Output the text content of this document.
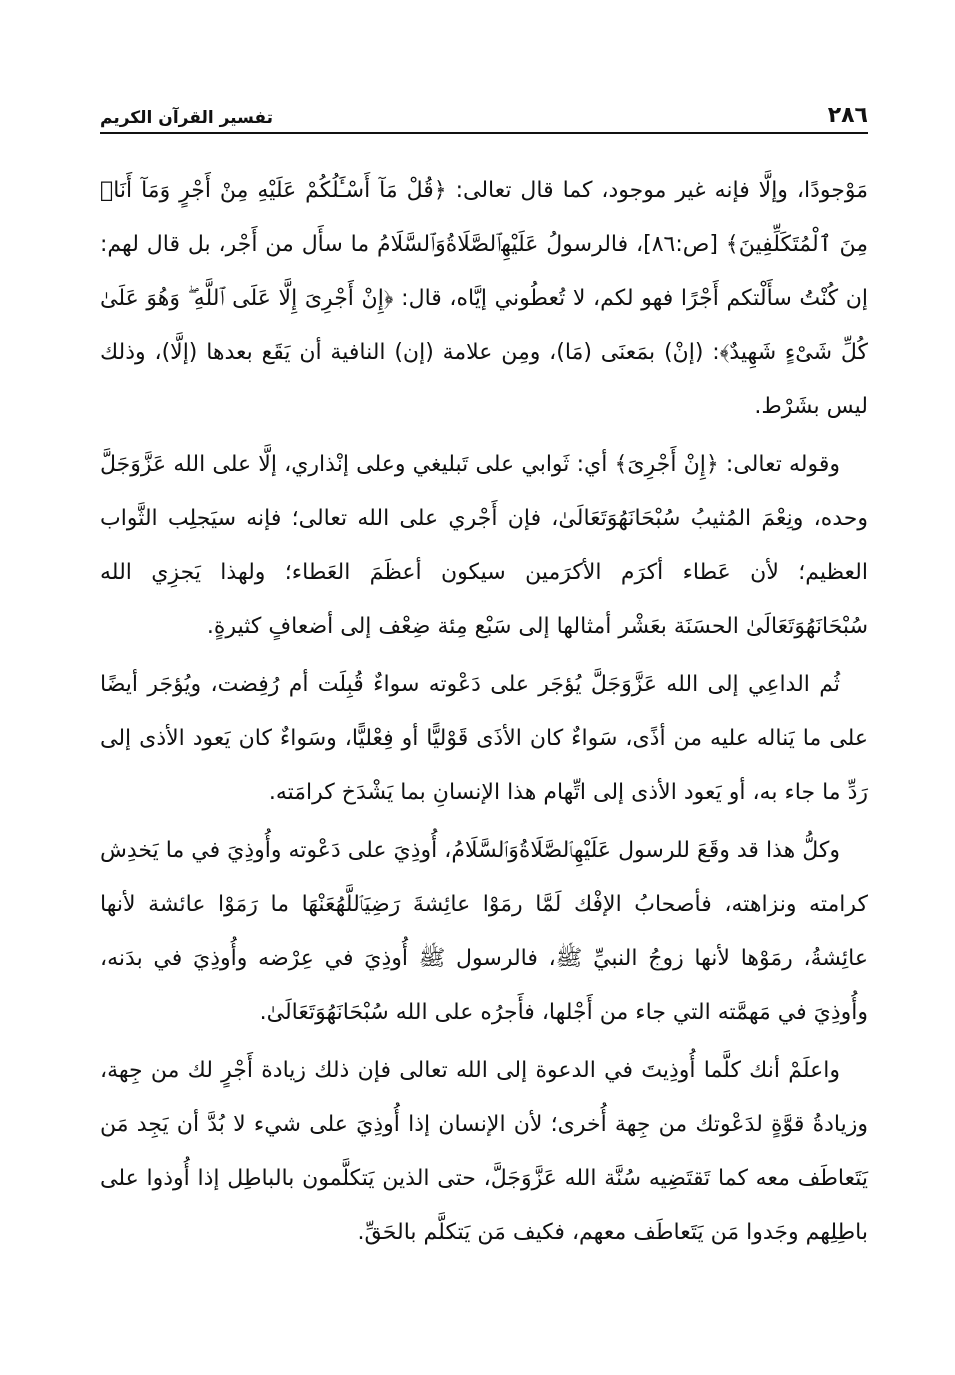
٢٨٦
تفسير القرآن الكريم

مَوْجودًا، وإلَّا فإنه غير موجود، كما قال تعالى: ﴿قُلْ مَآ أَسْـَٔلُكُمْ عَلَيْهِ مِنْ أَجْرٍ وَمَآ أَنَا۠ مِنَ ٱلْمُتَكَلِّفِينَ﴾ [ص:٨٦]، فالرسولُ عَلَيْهِٱلصَّلَاةُوَٱلسَّلَامُ ما سأَل من أَجْر، بل قال لهم: إن كُنْتُ سأَلْتكم أَجْرًا فهو لكم، لا تُعطُوني إيَّاه، قال: ﴿إِنْ أَجْرِىَ إِلَّا عَلَى ٱللَّهِ ۖ وَهُوَ عَلَىٰ كُلِّ شَىْءٍ شَهِيدٌ﴾: (إنْ) بمَعنَى (مَا)، ومِن علامة (إن) النافية أن يَقَع بعدها (إلَّا)، وذلك ليس بشَرْط.

وقوله تعالى: ﴿إِنْ أَجْرِىَ﴾ أي: ثَوابي على تَبليغي وعلى إنْذاري، إلَّا على الله عَزَّوَجَلَّ وحده، ونِعْمَ المُثيبُ سُبْحَانَهُوَتَعَالَىٰ، فإن أَجْري على الله تعالى؛ فإنه سيَجلِب الثَّواب العظيم؛ لأن عَطاء أكرَم الأكرَمين سيكون أعظَمَ العَطاء؛ ولهذا يَجزِي الله سُبْحَانَهُوَتَعَالَىٰ الحسَنَة بعَشْر أمثالها إلى سَبْع مِئة ضِعْف إلى أضعافٍ كثيرةٍ.

ثُم الداعِي إلى الله عَزَّوَجَلَّ يُؤجَر على دَعْوته سواءٌ قُبِلَت أم رُفِضت، ويُؤجَر أيضًا على ما يَناله عليه من أذًى، سَواءٌ كان الأذَى قَوْليًّا أو فِعْليًّا، وسَواءٌ كان يَعود الأذى إلى رَدِّ ما جاء به، أو يَعود الأذى إلى اتِّهام هذا الإنسانِ بما يَشْدَخ كرامَته.

وكلُّ هذا قد وقَعَ للرسول عَلَيْهِٱلصَّلَاةُوَٱلسَّلَامُ، أُوذِيَ على دَعْوته وأُوذِيَ في ما يَخدِش كرامته ونزاهته، فأصحابُ الإفْك لَمَّا رمَوْا عائِشةَ رَضِيَٱللَّهُعَنْهَا ما رَمَوْا عائشة لأنها عائِشةُ، رمَوْها لأنها زوجُ النبيِّ ﷺ، فالرسول ﷺ أُوذِيَ في عِرْضه وأُوذِيَ في بدَنه، وأُوذِيَ في مَهمَّته التي جاء من أَجْلها، فأَجرُه على الله سُبْحَانَهُوَتَعَالَىٰ.

واعلَمْ أنك كلَّما أُوذِيتَ في الدعوة إلى الله تعالى فإن ذلك زيادة أَجْرٍ لك من جِهة، وزيادةُ قوَّةٍ لدَعْوتك من جِهة أُخرى؛ لأن الإنسان إذا أُوذِيَ على شيء لا بُدَّ أن يَجِد مَن يَتَعاطَف معه كما تَقتَضِيه سُنَّة الله عَزَّوَجَلَّ، حتى الذين يَتكلَّمون بالباطِل إذا أُوذوا على باطِلِهم وجَدوا مَن يَتَعاطَف معهم، فكيف مَن يَتكلَّم بالحَقِّ.
